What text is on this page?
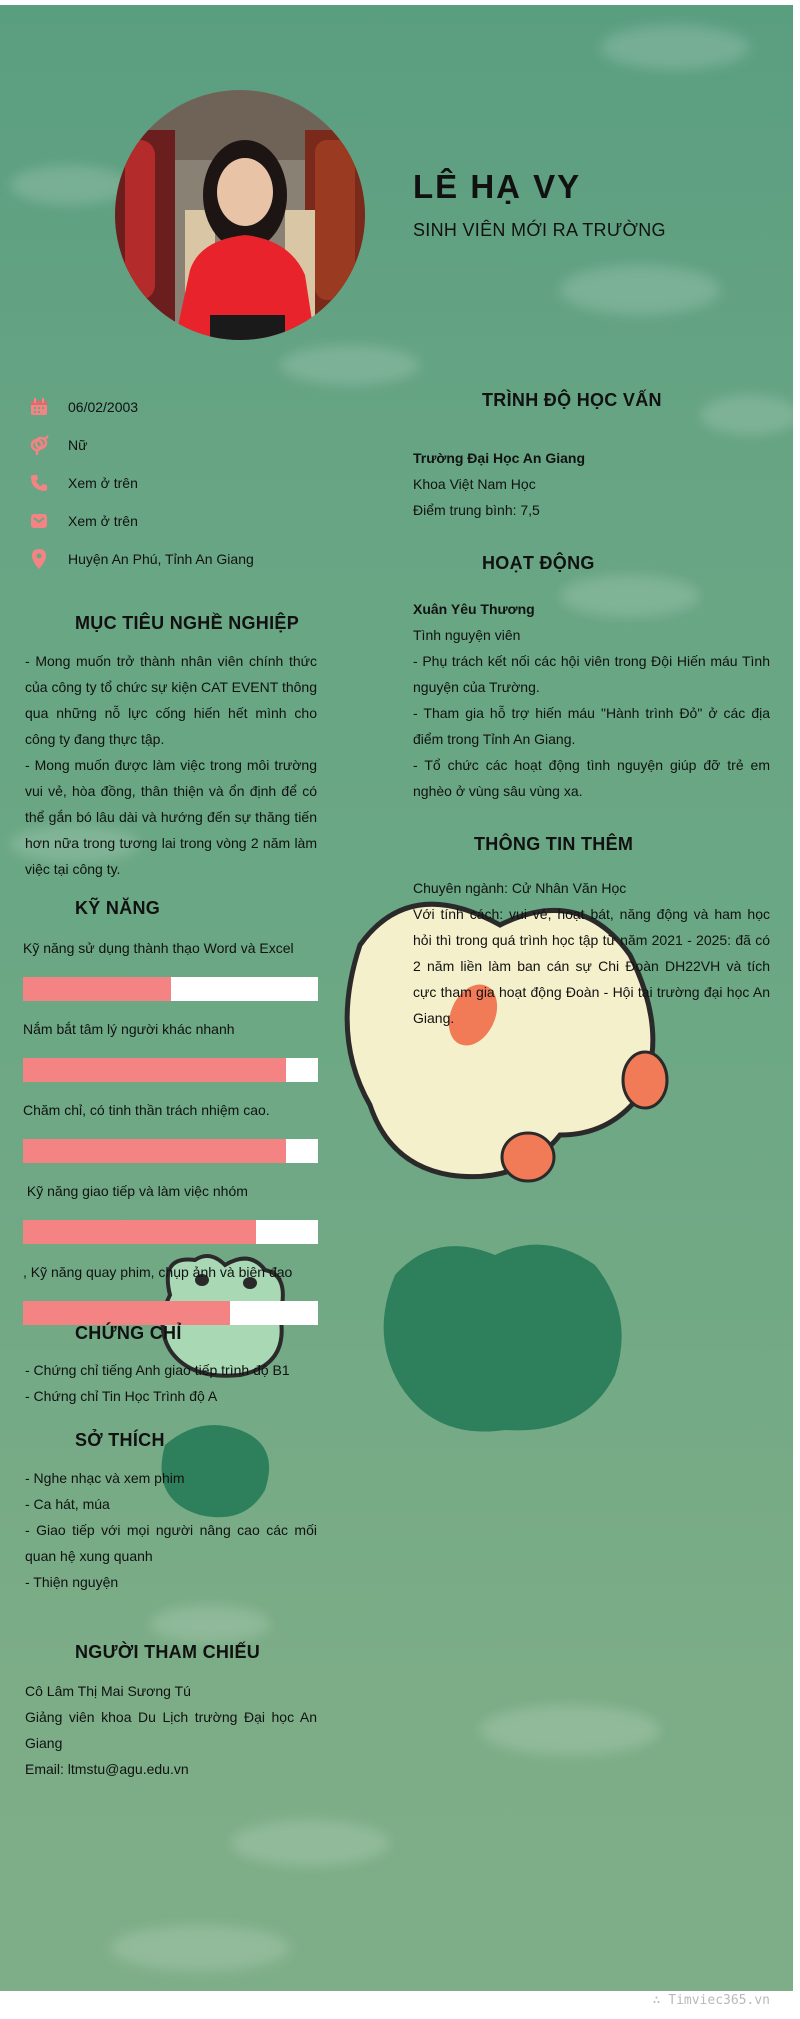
LÊ HẠ VY
SINH VIÊN MỚI RA TRƯỜNG
06/02/2003
Nữ
Xem ở trên
Xem ở trên
Huyện An Phú, Tỉnh An Giang
MỤC TIÊU NGHỀ NGHIỆP
- Mong muốn trở thành nhân viên chính thức của công ty tổ chức sự kiện CAT EVENT thông qua những nỗ lực cống hiến hết mình cho công ty đang thực tập.
- Mong muốn được làm việc trong môi trường vui vẻ, hòa đồng, thân thiện và ổn định để có thể gắn bó lâu dài và hướng đến sự thăng tiến hơn nữa trong tương lai trong vòng 2 năm làm việc tại công ty.
KỸ NĂNG
Kỹ năng sử dụng thành thạo Word và Excel
Nắm bắt tâm lý người khác nhanh
Chăm chỉ, có tinh thần trách nhiệm cao.
Kỹ năng giao tiếp và làm việc nhóm
, Kỹ năng quay phim, chụp ảnh và biên đạo
CHỨNG CHỈ
- Chứng chỉ tiếng Anh giao tiếp trình độ B1
- Chứng chỉ Tin Học Trình độ A
SỞ THÍCH
- Nghe nhạc và xem phim
- Ca hát, múa
- Giao tiếp với mọi người nâng cao các mối quan hệ xung quanh
- Thiện nguyện
NGƯỜI THAM CHIẾU
Cô Lâm Thị Mai Sương Tú
Giảng viên khoa Du Lịch trường Đại học An Giang
Email: ltmstu@agu.edu.vn
TRÌNH ĐỘ HỌC VẤN
Trường Đại Học An Giang
Khoa Việt Nam Học
Điểm trung bình: 7,5
HOẠT ĐỘNG
Xuân Yêu Thương
Tình nguyện viên
- Phụ trách kết nối các hội viên trong Đội Hiến máu Tình nguyện của Trường.
- Tham gia hỗ trợ hiến máu "Hành trình Đỏ" ở các địa điểm trong Tỉnh An Giang.
- Tổ chức các hoạt động tình nguyện giúp đỡ trẻ em nghèo ở vùng sâu vùng xa.
THÔNG TIN THÊM
Chuyên ngành: Cử Nhân Văn Học
Với tính cách: vui vẻ, hoạt bát, năng động và ham học hỏi thì trong quá trình học tập từ năm 2021 - 2025: đã có 2 năm liền làm ban cán sự Chi Đoàn DH22VH và tích cực tham gia hoạt động Đoàn - Hội tại trường đại học An Giang.
∴ Timviec365.vn
